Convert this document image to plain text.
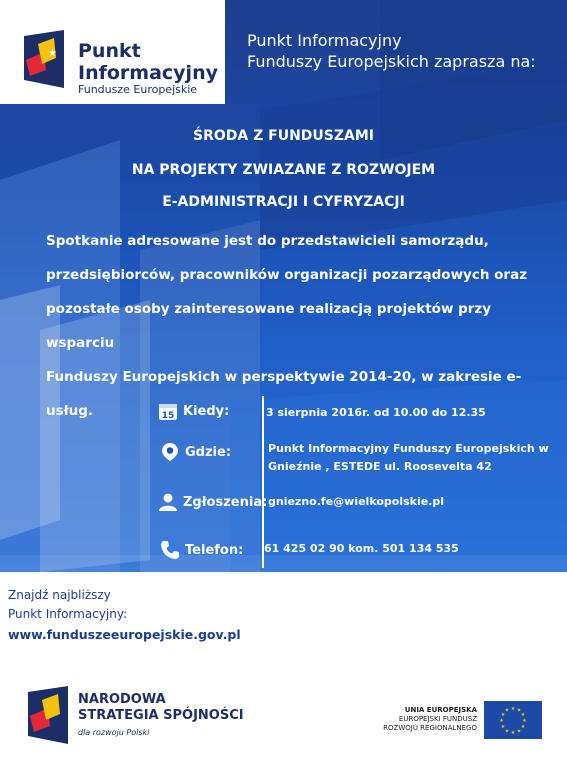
★ Punkt
Informacyjny
Fundusze Europejskie
Punkt Informacyjny
Funduszy Europejskich zaprasza na:
ŚRODA Z FUNDUSZAMI
NA PROJEKTY ZWIAZANE Z ROZWOJEM
E-ADMINISTRACJI I CYFRYZACJI
Spotkanie adresowane jest do przedstawicieli samorządu,
przedsiębiorców, pracowników organizacji pozarządowych oraz
pozostałe osoby zainteresowane realizacją projektów przy wsparciu
Funduszy Europejskich w perspektywie 2014-20, w zakresie e-usług.	15 Kiedy:	3 sierpnia 2016r. od 10.00 do 12.35
Gdzie:	Punkt Informacyjny Funduszy Europejskich w
Gnieźnie , ESTEDE ul. Roosevelta 42
Zgłoszenia: gniezno.fe@wielkopolskie.pl
Telefon: 61 425 02 90 kom. 501 134 535
Znajdź najbliższy
Punkt Informacyjny:
www.funduszeeuropejskie.gov.pl
NARODOWA
STRATEGIA SPÓJNOŚCI
dla rozwoju Polski
UNIA EUROPEJSKA
EUROPEJSKI FUNDUSZ
ROZWOJU REGIONALNEGO
★ ★
★
★
★
★
★
★
★
★
★
★
